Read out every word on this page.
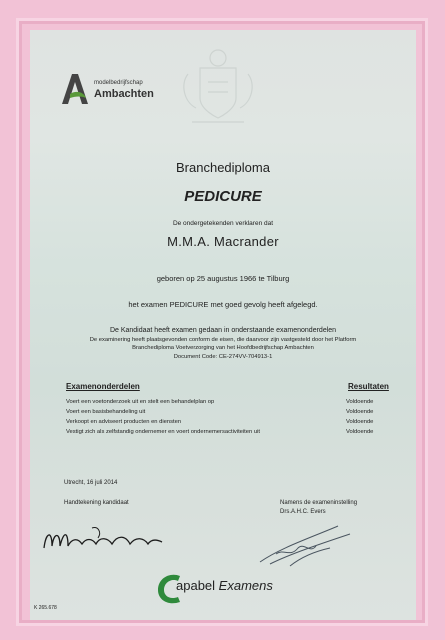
modelbedrijfschap
Ambachten
Branchediploma
PEDICURE
De ondergetekenden verklaren dat
M.M.A. Macrander
geboren op 25 augustus 1966 te Tilburg
het examen PEDICURE met goed gevolg heeft afgelegd.
De Kandidaat heeft examen gedaan in onderstaande examenonderdelen
De examinering heeft plaatsgevonden conform de eisen, die daarvoor zijn vastgesteld door het Platform
Branchediploma Voetverzorging van het Hoofdbedrijfschap Ambachten
Document Code: CE-274VV-704913-1
Examenonderdelen	Resultaten
Voert een voetonderzoek uit en stelt een behandelplan op	Voldoende
Voert een basisbehandeling uit	Voldoende
Verkoopt en adviseert producten en diensten	Voldoende
Vestigt zich als zelfstandig ondernemer en voert ondernemersactiviteiten uit	Voldoende
Utrecht, 16 juli 2014
Handtekening kandidaat	Namens de exameninstelling
Drs.A.H.C. Evers
apabel Examens
K 265.678
